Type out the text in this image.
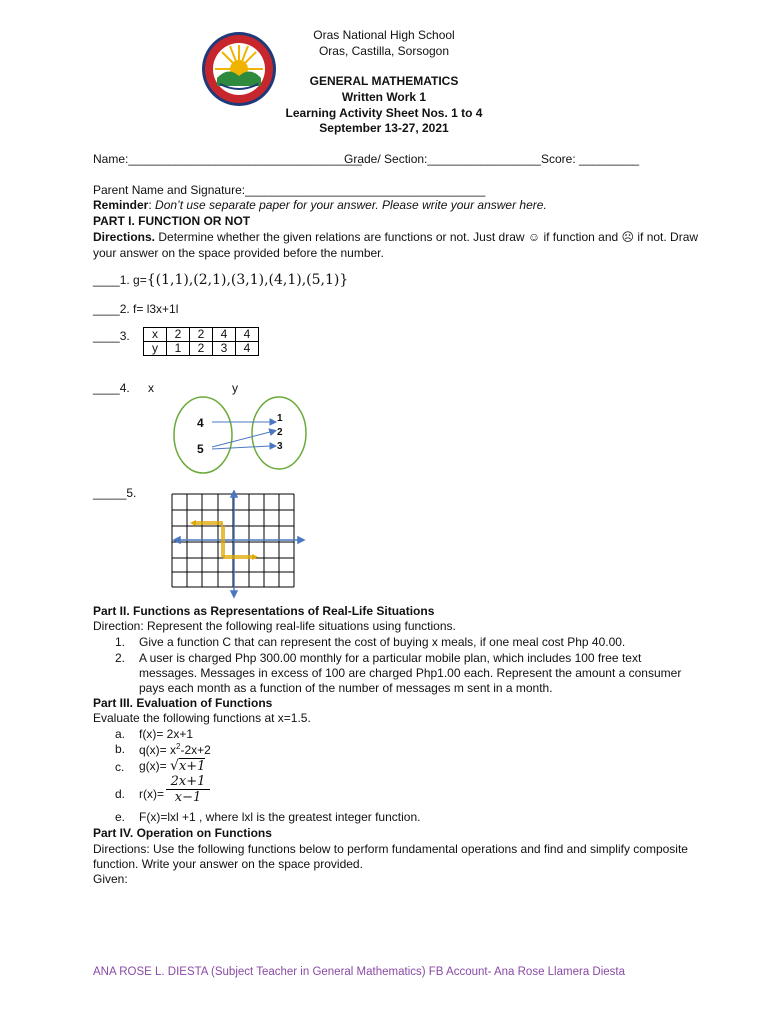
Oras National High School
Oras, Castilla, Sorsogon
GENERAL MATHEMATICS
Written Work 1
Learning Activity Sheet Nos. 1 to 4
September 13-27, 2021
Name:___________________________________
Grade/ Section:_________________ Score: _________
Parent Name and Signature:____________________________________
Reminder: Don’t use separate paper for your answer. Please write your answer here.
PART I. FUNCTION OR NOT
Directions. Determine whether the given relations are functions or not. Just draw ☺ if function and ☹ if not. Draw
your answer on the space provided before the number.
____1. g={(1,1),(2,1),(3,1),(4,1),(5,1)}
____2. f= l3x+1l
____3. x	2	2	4	4
y	1	2	3	4
____4. x	y
4
5
1
2
3
_____5.
Part II. Functions as Representations of Real-Life Situations
Direction: Represent the following real-life situations using functions.
1. Give a function C that can represent the cost of buying x meals, if one meal cost Php 40.00.
2. A user is charged Php 300.00 monthly for a particular mobile plan, which includes 100 free text
messages. Messages in excess of 100 are charged Php1.00 each. Represent the amount a consumer
pays each month as a function of the number of messages m sent in a month.
Part III. Evaluation of Functions
Evaluate the following functions at x=1.5.
a. f(x)= 2x+1
b. $q(x)= x^2-2x+2$
c. g(x)= √x+1
d. $r(x)= \frac{2x+1}{x-1}$
e. F(x)=lxl +1 , where lxl is the greatest integer function.
Part IV. Operation on Functions
Directions: Use the following functions below to perform fundamental operations and find and simplify composite
function. Write your answer on the space provided.
Given:
ANA ROSE L. DIESTA (Subject Teacher in General Mathematics) FB Account- Ana Rose Llamera Diesta
